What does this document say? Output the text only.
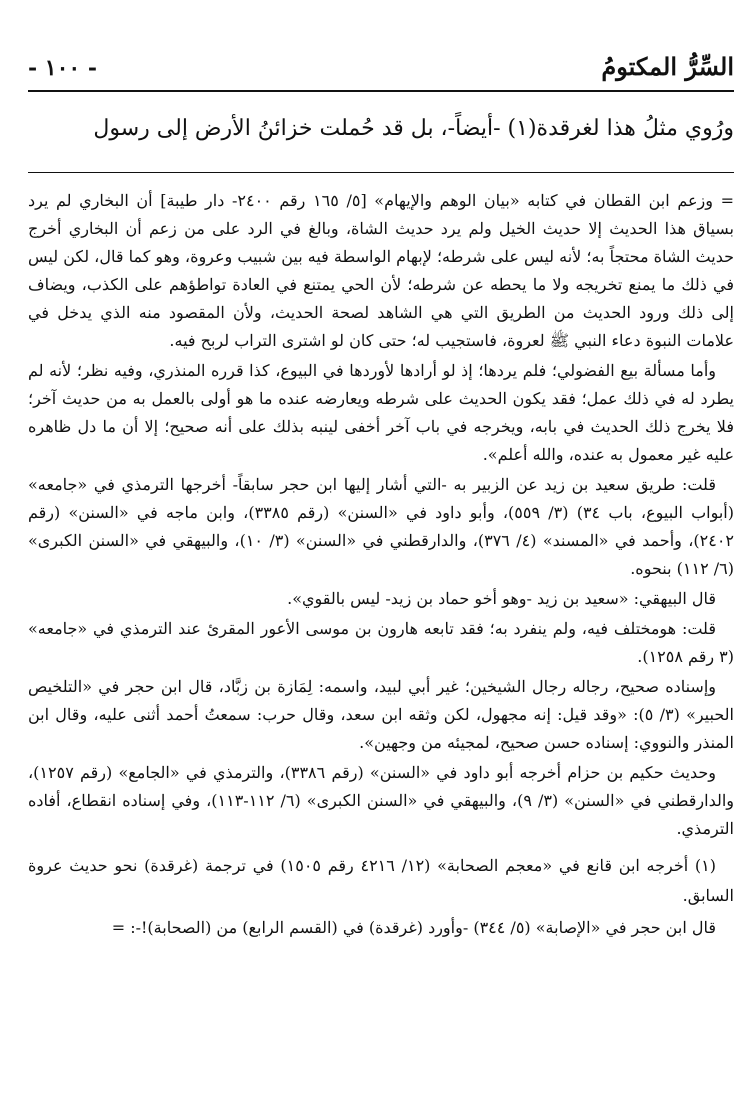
السِّرُّ المكتومُ
- ١٠٠ -
ورُوي مثلُ هذا لغرقدة(١) -أيضاً-، بل قد حُملت خزائنُ الأرض إلى رسول

= وزعم ابن القطان في كتابه «بيان الوهم والإيهام» [٥/ ١٦٥ رقم ٢٤٠٠- دار طيبة] أن البخاري لم يرد بسياق هذا الحديث إلا حديث الخيل ولم يرد حديث الشاة، وبالغ في الرد على من زعم أن البخاري أخرج حديث الشاة محتجاً به؛ لأنه ليس على شرطه؛ لإبهام الواسطة فيه بين شبيب وعروة، وهو كما قال، لكن ليس في ذلك ما يمنع تخريجه ولا ما يحطه عن شرطه؛ لأن الحي يمتنع في العادة تواطؤهم على الكذب، ويضاف إلى ذلك ورود الحديث من الطريق التي هي الشاهد لصحة الحديث، ولأن المقصود منه الذي يدخل في علامات النبوة دعاء النبي ﷺ لعروة، فاستجيب له؛ حتى كان لو اشترى التراب لربح فيه.

وأما مسألة بيع الفضولي؛ فلم يردها؛ إذ لو أرادها لأوردها في البيوع، كذا قرره المنذري، وفيه نظر؛ لأنه لم يطرد له في ذلك عمل؛ فقد يكون الحديث على شرطه ويعارضه عنده ما هو أولى بالعمل به من حديث آخر؛ فلا يخرج ذلك الحديث في بابه، ويخرجه في باب آخر أخفى لينبه بذلك على أنه صحيح؛ إلا أن ما دل ظاهره عليه غير معمول به عنده، والله أعلم».

قلت: طريق سعيد بن زيد عن الزبير به -التي أشار إليها ابن حجر سابقاً- أخرجها الترمذي في «جامعه» (أبواب البيوع، باب ٣٤) (٣/ ٥٥٩)، وأبو داود في «السنن» (رقم ٣٣٨٥)، وابن ماجه في «السنن» (رقم ٢٤٠٢)، وأحمد في «المسند» (٤/ ٣٧٦)، والدارقطني في «السنن» (٣/ ١٠)، والبيهقي في «السنن الكبرى» (٦/ ١١٢) بنحوه.

قال البيهقي: «سعيد بن زيد -وهو أخو حماد بن زيد- ليس بالقوي».

قلت: هومختلف فيه، ولم ينفرد به؛ فقد تابعه هارون بن موسى الأعور المقرئ عند الترمذي في «جامعه» (٣ رقم ١٢٥٨).

وإسناده صحيح، رجاله رجال الشيخين؛ غير أبي لبيد، واسمه: لِمَازة بن زبَّاد، قال ابن حجر في «التلخيص الحبير» (٣/ ٥): «وقد قيل: إنه مجهول، لكن وثقه ابن سعد، وقال حرب: سمعتُ أحمد أثنى عليه، وقال ابن المنذر والنووي: إسناده حسن صحيح، لمجيئه من وجهين».

وحديث حكيم بن حزام أخرجه أبو داود في «السنن» (رقم ٣٣٨٦)، والترمذي في «الجامع» (رقم ١٢٥٧)، والدارقطني في «السنن» (٣/ ٩)، والبيهقي في «السنن الكبرى» (٦/ ١١٢-١١٣)، وفي إسناده انقطاع، أفاده الترمذي.

(١) أخرجه ابن قانع في «معجم الصحابة» (١٢/ ٤٢١٦ رقم ١٥٠٥) في ترجمة (غرقدة) نحو حديث عروة السابق.

قال ابن حجر في «الإصابة» (٥/ ٣٤٤) -وأورد (غرقدة) في (القسم الرابع) من (الصحابة)!-: =
